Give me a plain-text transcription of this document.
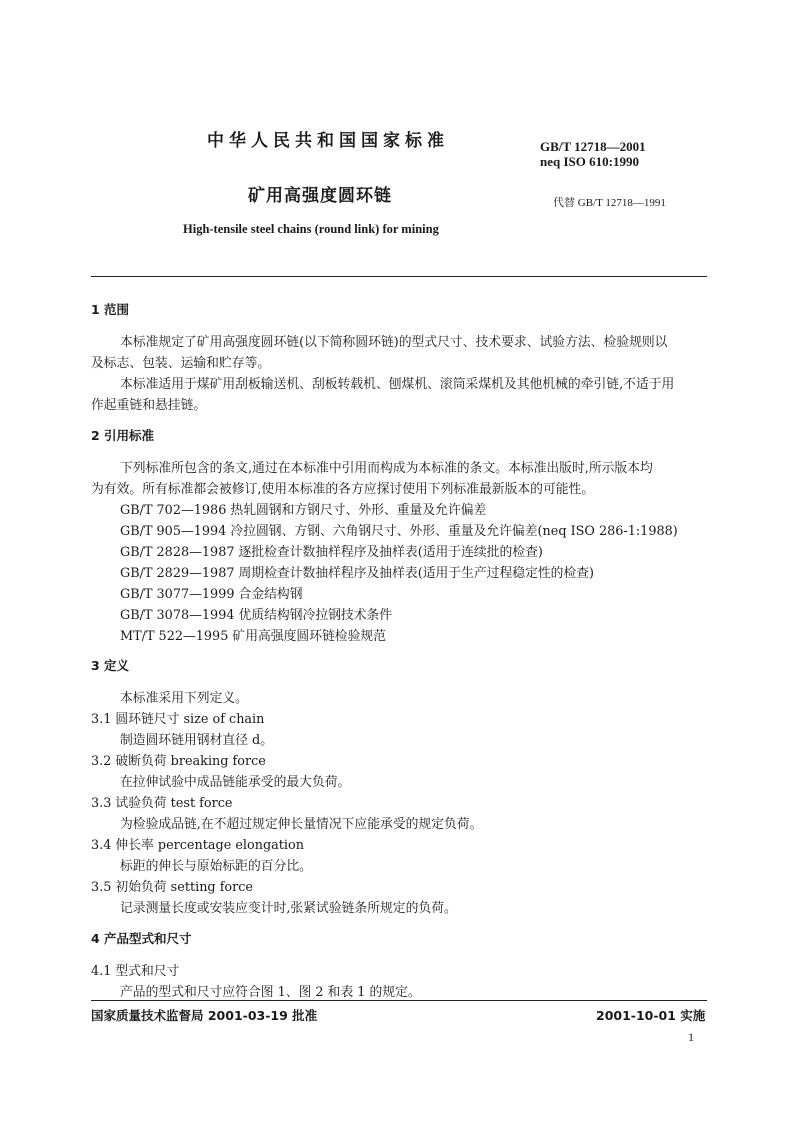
中华人民共和国国家标准	GB/T 12718—2001
neq ISO 610:1990
矿用高强度圆环链	代替 GB/T 12718—1991
High-tensile steel chains (round link) for mining
1 范围
本标准规定了矿用高强度圆环链(以下简称圆环链)的型式尺寸、技术要求、试验方法、检验规则以
及标志、包装、运输和贮存等。
本标准适用于煤矿用刮板输送机、刮板转载机、刨煤机、滚筒采煤机及其他机械的牵引链,不适于用
作起重链和悬挂链。
2 引用标准
下列标准所包含的条文,通过在本标准中引用而构成为本标准的条文。本标准出版时,所示版本均
为有效。所有标准都会被修订,使用本标准的各方应探讨使用下列标准最新版本的可能性。
GB/T 702—1986 热轧圆钢和方钢尺寸、外形、重量及允许偏差
GB/T 905—1994 冷拉圆钢、方钢、六角钢尺寸、外形、重量及允许偏差(neq ISO 286-1:1988)
GB/T 2828—1987 逐批检查计数抽样程序及抽样表(适用于连续批的检查)
GB/T 2829—1987 周期检查计数抽样程序及抽样表(适用于生产过程稳定性的检查)
GB/T 3077—1999 合金结构钢
GB/T 3078—1994 优质结构钢冷拉钢技术条件
MT/T 522—1995 矿用高强度圆环链检验规范
3 定义
本标准采用下列定义。
3.1 圆环链尺寸 size of chain
制造圆环链用钢材直径 d。
3.2 破断负荷 breaking force
在拉伸试验中成品链能承受的最大负荷。
3.3 试验负荷 test force
为检验成品链,在不超过规定伸长量情况下应能承受的规定负荷。
3.4 伸长率 percentage elongation
标距的伸长与原始标距的百分比。
3.5 初始负荷 setting force
记录测量长度或安装应变计时,张紧试验链条所规定的负荷。
4 产品型式和尺寸
4.1 型式和尺寸
产品的型式和尺寸应符合图 1、图 2 和表 1 的规定。
国家质量技术监督局 2001-03-19 批准	2001-10-01 实施
1
